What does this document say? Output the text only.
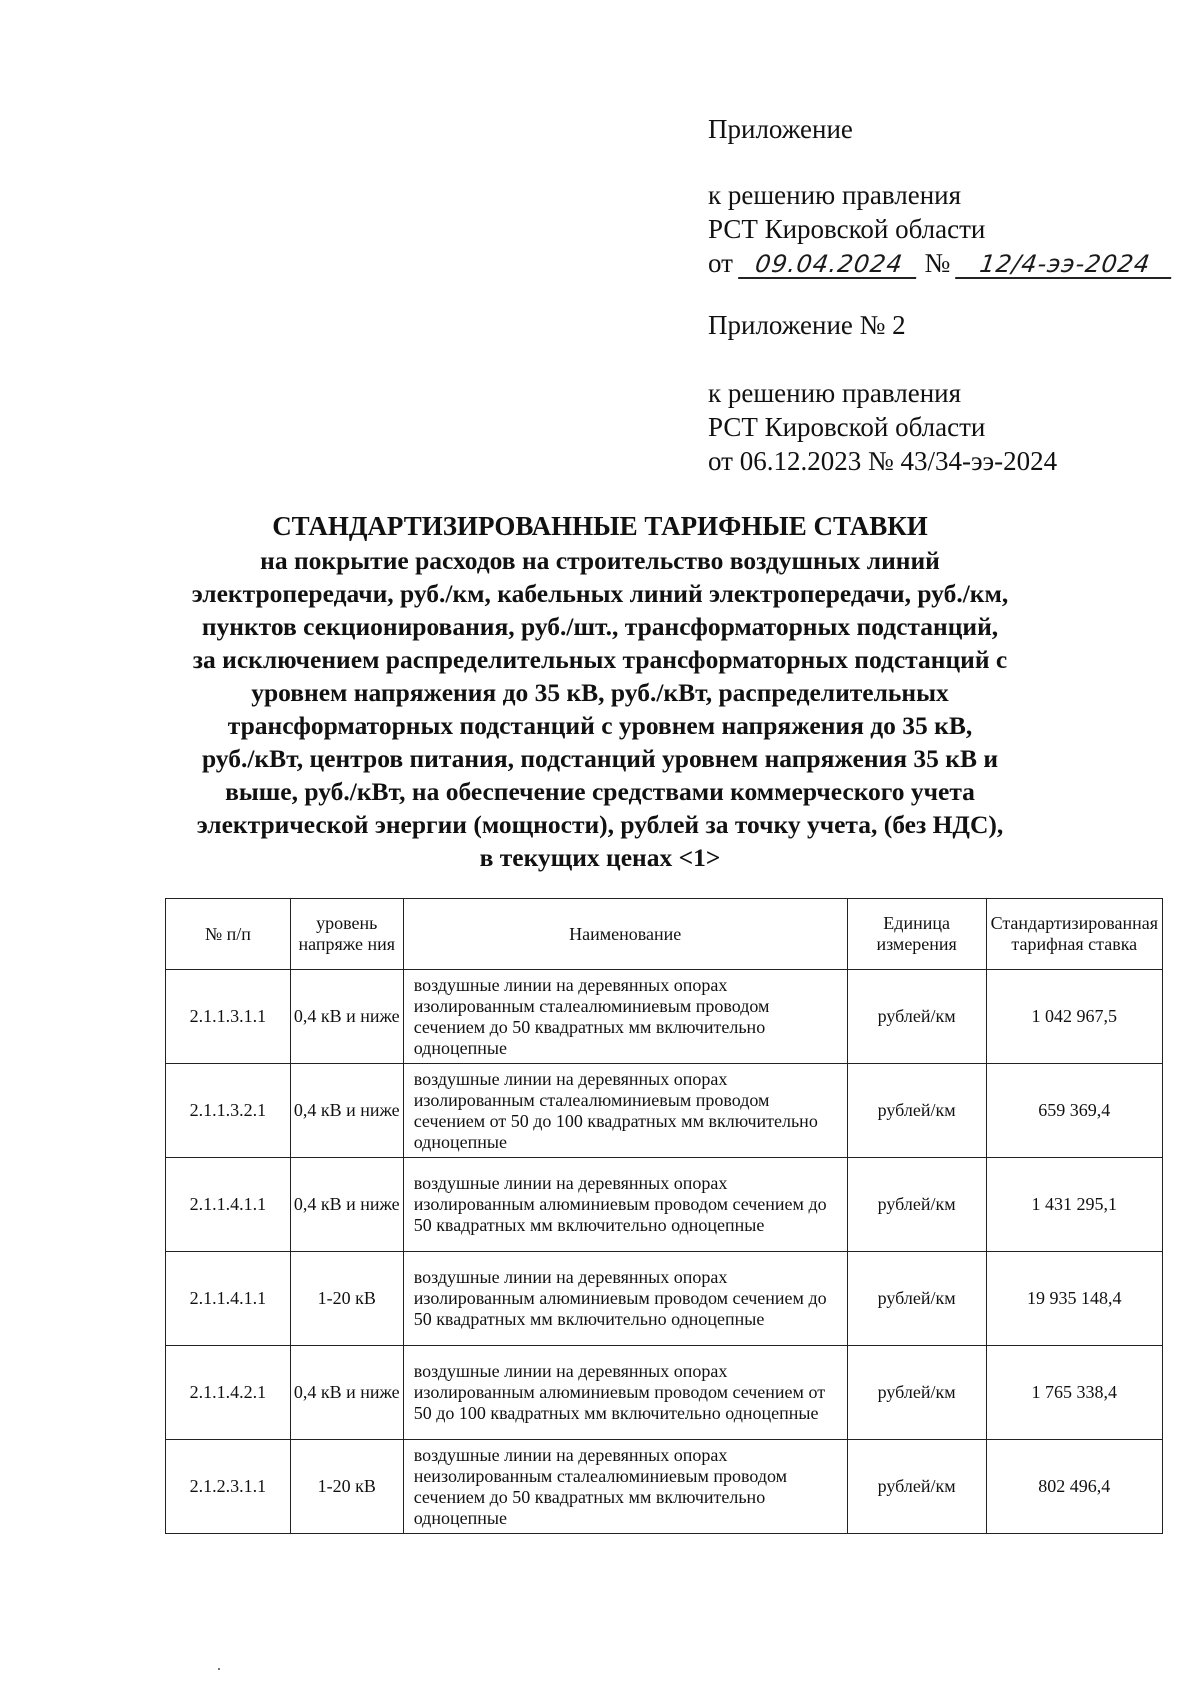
Приложение
к решению правления
РСТ Кировской области
от 09.04.2024 № 12/4-ээ-2024
Приложение № 2
к решению правления
РСТ Кировской области
от 06.12.2023 № 43/34-ээ-2024
СТАНДАРТИЗИРОВАННЫЕ ТАРИФНЫЕ СТАВКИ
на покрытие расходов на строительство воздушных линий
электропередачи, руб./км, кабельных линий электропередачи, руб./км,
пунктов секционирования, руб./шт., трансформаторных подстанций,
за исключением распределительных трансформаторных подстанций с
уровнем напряжения до 35 кВ, руб./кВт, распределительных
трансформаторных подстанций с уровнем напряжения до 35 кВ,
руб./кВт, центров питания, подстанций уровнем напряжения 35 кВ и
выше, руб./кВт, на обеспечение средствами коммерческого учета
электрической энергии (мощности), рублей за точку учета, (без НДС),
в текущих ценах <1>
№ п/п	уровень напряже ния	Наименование	Единица измерения	Стандартизированная тарифная ставка
2.1.1.3.1.1	0,4 кВ и ниже	воздушные линии на деревянных опорах изолированным сталеалюминиевым проводом сечением до 50 квадратных мм включительно одноцепные	рублей/км	1 042 967,5
2.1.1.3.2.1	0,4 кВ и ниже	воздушные линии на деревянных опорах изолированным сталеалюминиевым проводом сечением от 50 до 100 квадратных мм включительно одноцепные	рублей/км	659 369,4
2.1.1.4.1.1	0,4 кВ и ниже	воздушные линии на деревянных опорах изолированным алюминиевым проводом сечением до 50 квадратных мм включительно одноцепные	рублей/км	1 431 295,1
2.1.1.4.1.1	1-20 кВ	воздушные линии на деревянных опорах изолированным алюминиевым проводом сечением до 50 квадратных мм включительно одноцепные	рублей/км	19 935 148,4
2.1.1.4.2.1	0,4 кВ и ниже	воздушные линии на деревянных опорах изолированным алюминиевым проводом сечением от 50 до 100 квадратных мм включительно одноцепные	рублей/км	1 765 338,4
2.1.2.3.1.1	1-20 кВ	воздушные линии на деревянных опорах неизолированным сталеалюминиевым проводом сечением до 50 квадратных мм включительно одноцепные	рублей/км	802 496,4
